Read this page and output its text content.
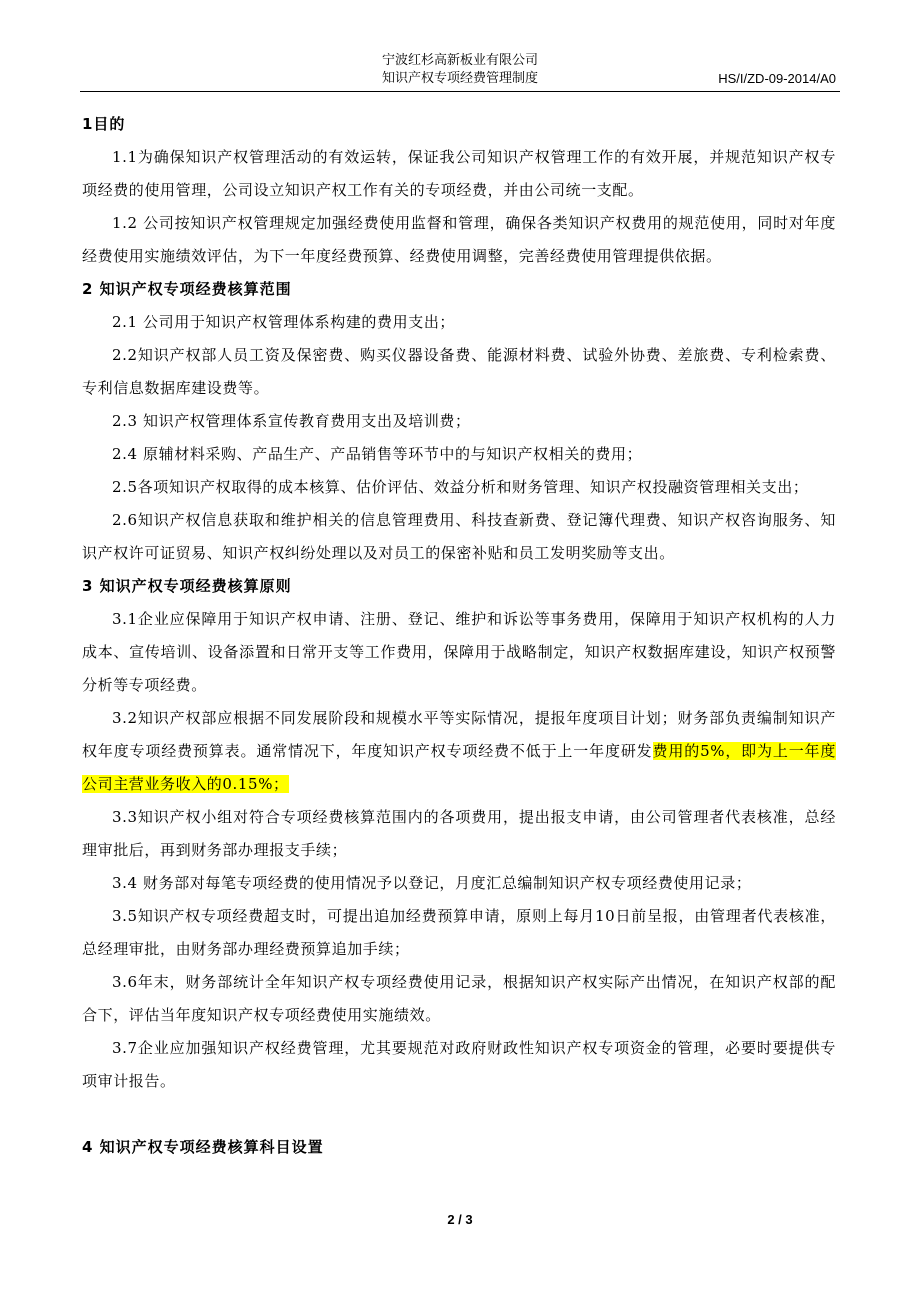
宁波红杉高新板业有限公司
知识产权专项经费管理制度	HS/I/ZD-09-2014/A0

1目的

1.1为确保知识产权管理活动的有效运转，保证我公司知识产权管理工作的有效开展，并规范知识产权专项经费的使用管理，公司设立知识产权工作有关的专项经费，并由公司统一支配。

1.2 公司按知识产权管理规定加强经费使用监督和管理，确保各类知识产权费用的规范使用，同时对年度经费使用实施绩效评估，为下一年度经费预算、经费使用调整，完善经费使用管理提供依据。

2 知识产权专项经费核算范围

2.1 公司用于知识产权管理体系构建的费用支出；

2.2知识产权部人员工资及保密费、购买仪器设备费、能源材料费、试验外协费、差旅费、专利检索费、专利信息数据库建设费等。

2.3 知识产权管理体系宣传教育费用支出及培训费；

2.4 原辅材料采购、产品生产、产品销售等环节中的与知识产权相关的费用；

2.5各项知识产权取得的成本核算、估价评估、效益分析和财务管理、知识产权投融资管理相关支出；

2.6知识产权信息获取和维护相关的信息管理费用、科技查新费、登记簿代理费、知识产权咨询服务、知识产权许可证贸易、知识产权纠纷处理以及对员工的保密补贴和员工发明奖励等支出。

3 知识产权专项经费核算原则

3.1企业应保障用于知识产权申请、注册、登记、维护和诉讼等事务费用，保障用于知识产权机构的人力成本、宣传培训、设备添置和日常开支等工作费用，保障用于战略制定，知识产权数据库建设，知识产权预警分析等专项经费。

3.2知识产权部应根据不同发展阶段和规模水平等实际情况，提报年度项目计划；财务部负责编制知识产权年度专项经费预算表。通常情况下，年度知识产权专项经费不低于上一年度研发费用的5%，即为上一年度公司主营业务收入的0.15%；

3.3知识产权小组对符合专项经费核算范围内的各项费用，提出报支申请，由公司管理者代表核准，总经理审批后，再到财务部办理报支手续；

3.4 财务部对每笔专项经费的使用情况予以登记，月度汇总编制知识产权专项经费使用记录；

3.5知识产权专项经费超支时，可提出追加经费预算申请，原则上每月10日前呈报，由管理者代表核准，总经理审批，由财务部办理经费预算追加手续；

3.6年末，财务部统计全年知识产权专项经费使用记录，根据知识产权实际产出情况，在知识产权部的配合下，评估当年度知识产权专项经费使用实施绩效。

3.7企业应加强知识产权经费管理，尤其要规范对政府财政性知识产权专项资金的管理，必要时要提供专项审计报告。

4 知识产权专项经费核算科目设置

2 / 3
